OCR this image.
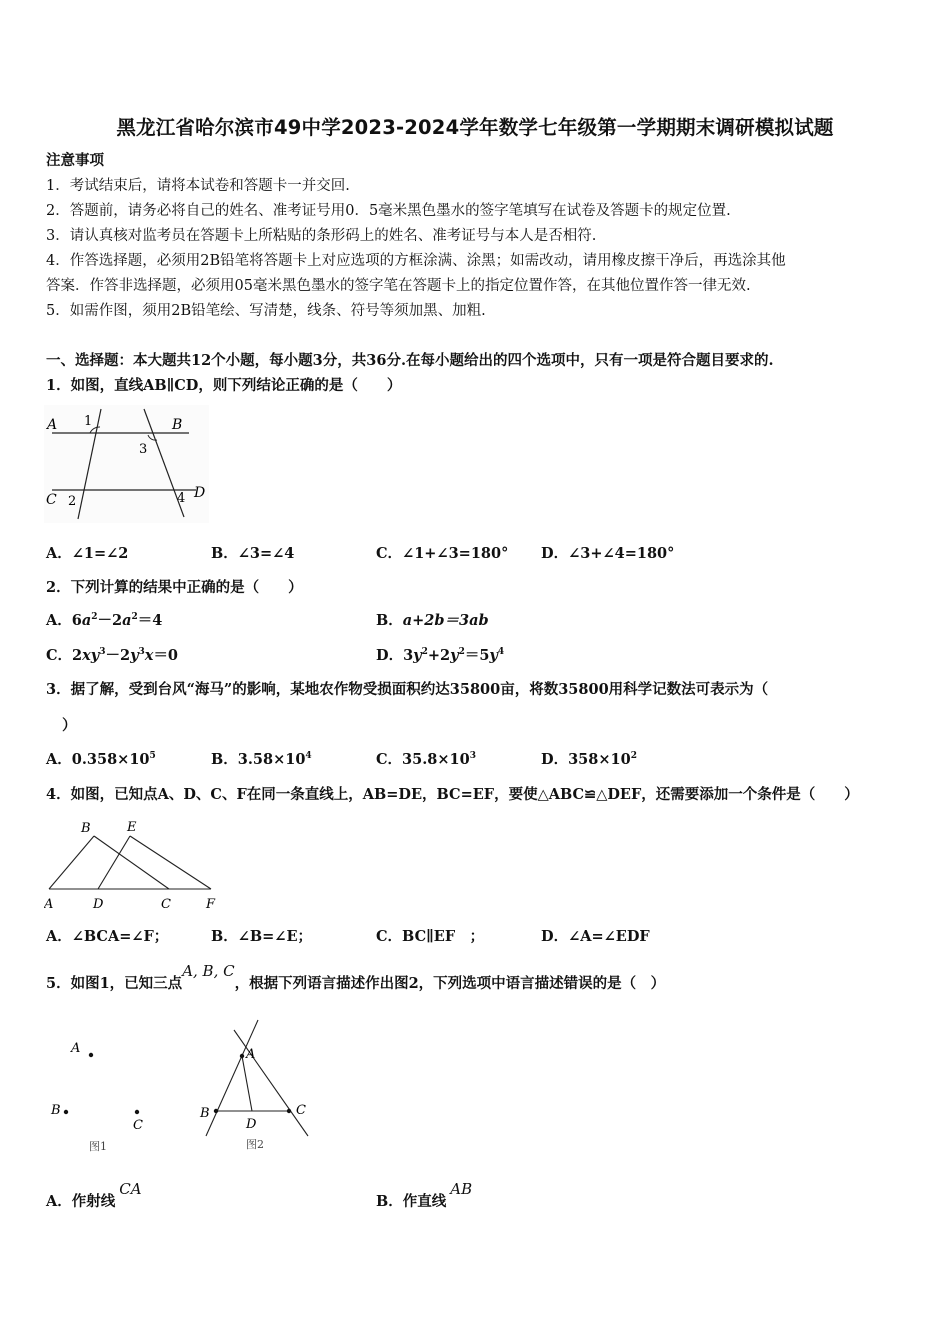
黑龙江省哈尔滨市49中学2023-2024学年数学七年级第一学期期末调研模拟试题
注意事项
1．考试结束后，请将本试卷和答题卡一并交回.
2．答题前，请务必将自己的姓名、准考证号用0．5毫米黑色墨水的签字笔填写在试卷及答题卡的规定位置.
3．请认真核对监考员在答题卡上所粘贴的条形码上的姓名、准考证号与本人是否相符.
4．作答选择题，必须用2B铅笔将答题卡上对应选项的方框涂满、涂黑；如需改动，请用橡皮擦干净后，再选涂其他
答案．作答非选择题，必须用05毫米黑色墨水的签字笔在答题卡上的指定位置作答，在其他位置作答一律无效.
5．如需作图，须用2B铅笔绘、写清楚，线条、符号等须加黑、加粗.
一、选择题：本大题共12个小题，每小题3分，共36分.在每小题给出的四个选项中，只有一项是符合题目要求的.
1．如图，直线AB∥CD，则下列结论正确的是（　　）
A	B
C	D
1
2
3
4
A．∠1=∠2	B．∠3=∠4	C．∠1+∠3=180° D．∠3+∠4=180°
2．下列计算的结果中正确的是（　　）
A．$6a^2-2a^2=4$	B．a+2b＝3ab
C．$2xy^3-2y^3x=0$	D．$3y^2+2y^2=5y^4$
3．据了解，受到台风“海马”的影响，某地农作物受损面积约达35800亩，将数35800用科学记数法可表示为（
）
A．$0.358\times 10^5$	B．$3.58\times 10^4$	C．$35.8\times 10^3$	D．$358\times 10^2$
4．如图，已知点A、D、C、F在同一条直线上，AB=DE，BC=EF，要使△ABC≌△DEF，还需要添加一个条件是（　　）
B	E
A	D	C	F
A．∠BCA=∠F；	B．∠B=∠E；	C．BC∥EF　；	D．∠A=∠EDF
5．如图1，已知三点A, B, C，根据下列语言描述作出图2，下列选项中语言描述错误的是（　）
A
B
C
图1
A
B	C
D
图2
A．作射线CA
B．作直线AB
